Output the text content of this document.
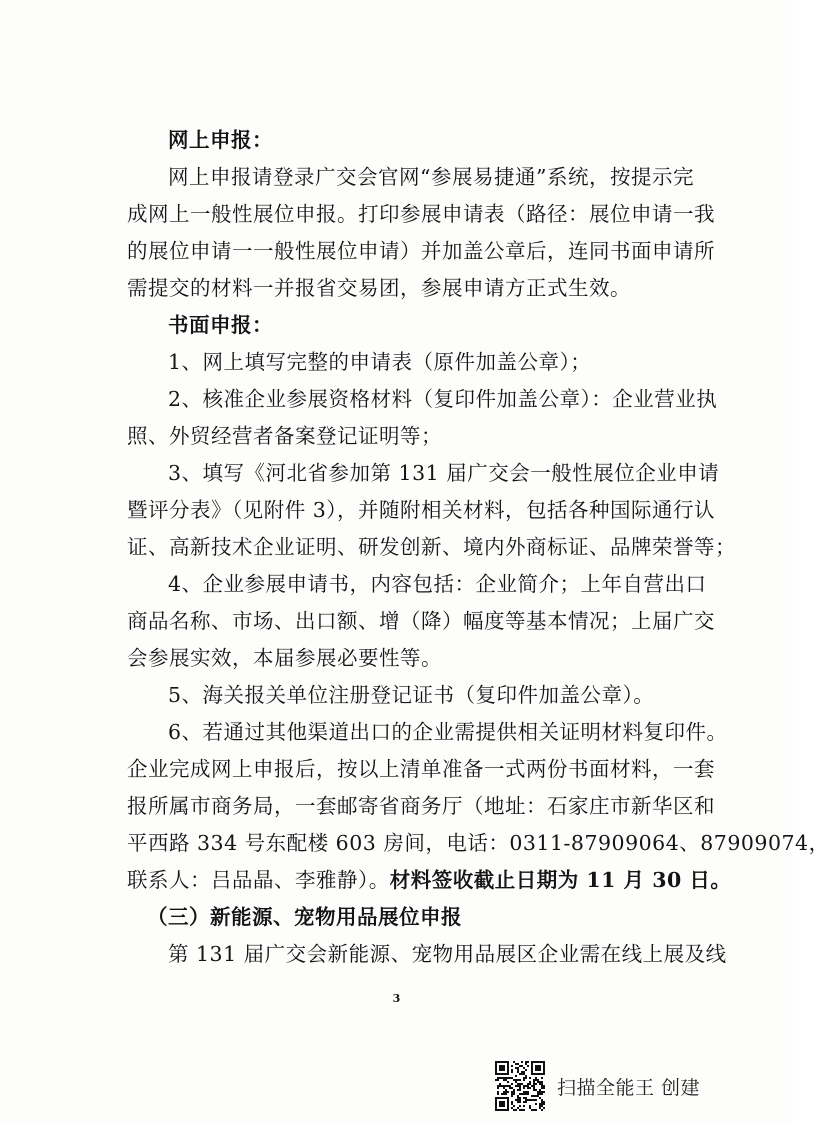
网上申报：
网上申报请登录广交会官网“参展易捷通”系统，按提示完
成网上一般性展位申报。打印参展申请表（路径：展位申请一我
的展位申请一一般性展位申请）并加盖公章后，连同书面申请所
需提交的材料一并报省交易团，参展申请方正式生效。
书面申报：
1、网上填写完整的申请表（原件加盖公章）；
2、核准企业参展资格材料（复印件加盖公章）：企业营业执
照、外贸经营者备案登记证明等；
3、填写《河北省参加第 131 届广交会一般性展位企业申请
暨评分表》（见附件 3），并随附相关材料，包括各种国际通行认
证、高新技术企业证明、研发创新、境内外商标证、品牌荣誉等；
4、企业参展申请书，内容包括：企业简介；上年自营出口
商品名称、市场、出口额、增（降）幅度等基本情况；上届广交
会参展实效，本届参展必要性等。
5、海关报关单位注册登记证书（复印件加盖公章）。
6、若通过其他渠道出口的企业需提供相关证明材料复印件。
企业完成网上申报后，按以上清单准备一式两份书面材料，一套
报所属市商务局，一套邮寄省商务厅（地址：石家庄市新华区和
平西路 334 号东配楼 603 房间，电话：0311-87909064、87909074，
联系人：吕品晶、李雅静）。材料签收截止日期为 11 月 30 日。
（三）新能源、宠物用品展位申报
第 131 届广交会新能源、宠物用品展区企业需在线上展及线
3
扫描全能王 创建
